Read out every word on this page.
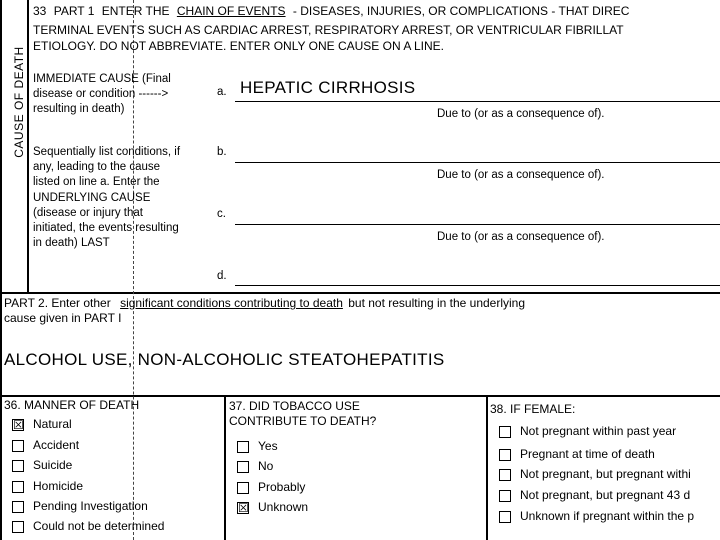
CAUSE OF DEATH
33 PART 1 ENTER THE CHAIN OF EVENTS - DISEASES, INJURIES, OR COMPLICATIONS - THAT DIREC
TERMINAL EVENTS SUCH AS CARDIAC ARREST, RESPIRATORY ARREST, OR VENTRICULAR FIBRILLAT
ETIOLOGY. DO NOT ABBREVIATE. ENTER ONLY ONE CAUSE ON A LINE.
IMMEDIATE CAUSE (Final
disease or condition ------>
resulting in death)
Sequentially list conditions, if
any, leading to the cause
listed on line a. Enter the
UNDERLYING CAUSE
(disease or injury that
initiated, the events resulting
in death) LAST
a. HEPATIC CIRRHOSIS
Due to (or as a consequence of).
b.
Due to (or as a consequence of).
c.
Due to (or as a consequence of).
d.
PART 2. Enter other significant conditions contributing to death but not resulting in the underlying
cause given in PART I
ALCOHOL USE, NON-ALCOHOLIC STEATOHEPATITIS
36. MANNER OF DEATH
☒ Natural
Accident
Suicide
Homicide
Pending Investigation
Could not be determined
37. DID TOBACCO USE
CONTRIBUTE TO DEATH?
Yes
No
Probably
☒ Unknown
38. IF FEMALE:
Not pregnant within past year
Pregnant at time of death
Not pregnant, but pregnant withi
Not pregnant, but pregnant 43 d
Unknown if pregnant within the p
